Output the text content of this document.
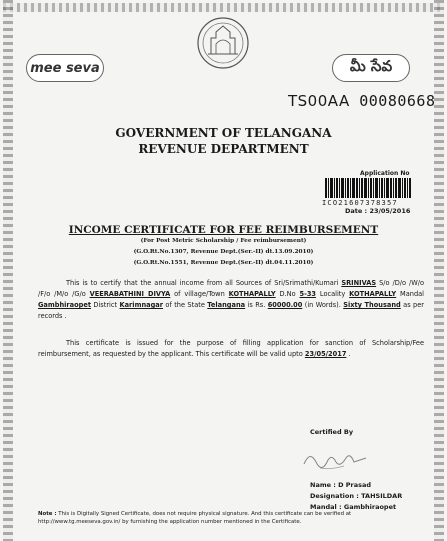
mee seva	మీ సేవ
TS00AA 00080668
GOVERNMENT OF TELANGANA
REVENUE DEPARTMENT
Application No
ICO21607378357
Date : 23/05/2016
INCOME CERTIFICATE FOR FEE REIMBURSEMENT
(For Post Metric Scholarship / Fee reimbursement)
(G.O.Rt.No.1307, Revenue Dept.(Ser.-II) dt.13.09.2010)
(G.O.Rt.No.1551, Revenue Dept.(Ser.-II) dt.04.11.2010)
This is to certify that the annual income from all Sources of Sri/Srimathi/Kumari SRINIVAS S/o /D/o /W/o /F/o /M/o /G/o VEERABATHINI DIVYA of village/Town KOTHAPALLY D.No 5-33 Locality KOTHAPALLY Mandal Gambhiraopet District Karimnagar of the State Telangana is Rs. 60000.00 (in Words). Sixty Thousand as per records .
This certificate is issued for the purpose of filling application for sanction of Scholarship/Fee reimbursement, as requested by the applicant. This certificate will be valid upto 23/05/2017 .
Certified By
Name : D Prasad
Designation : TAHSILDAR
Mandal : Gambhiraopet
Note : This is Digitally Signed Certificate, does not require physical signature. And this certificate can be verified at http://www.tg.meeseva.gov.in/ by furnishing the application number mentioned in the Certificate.
